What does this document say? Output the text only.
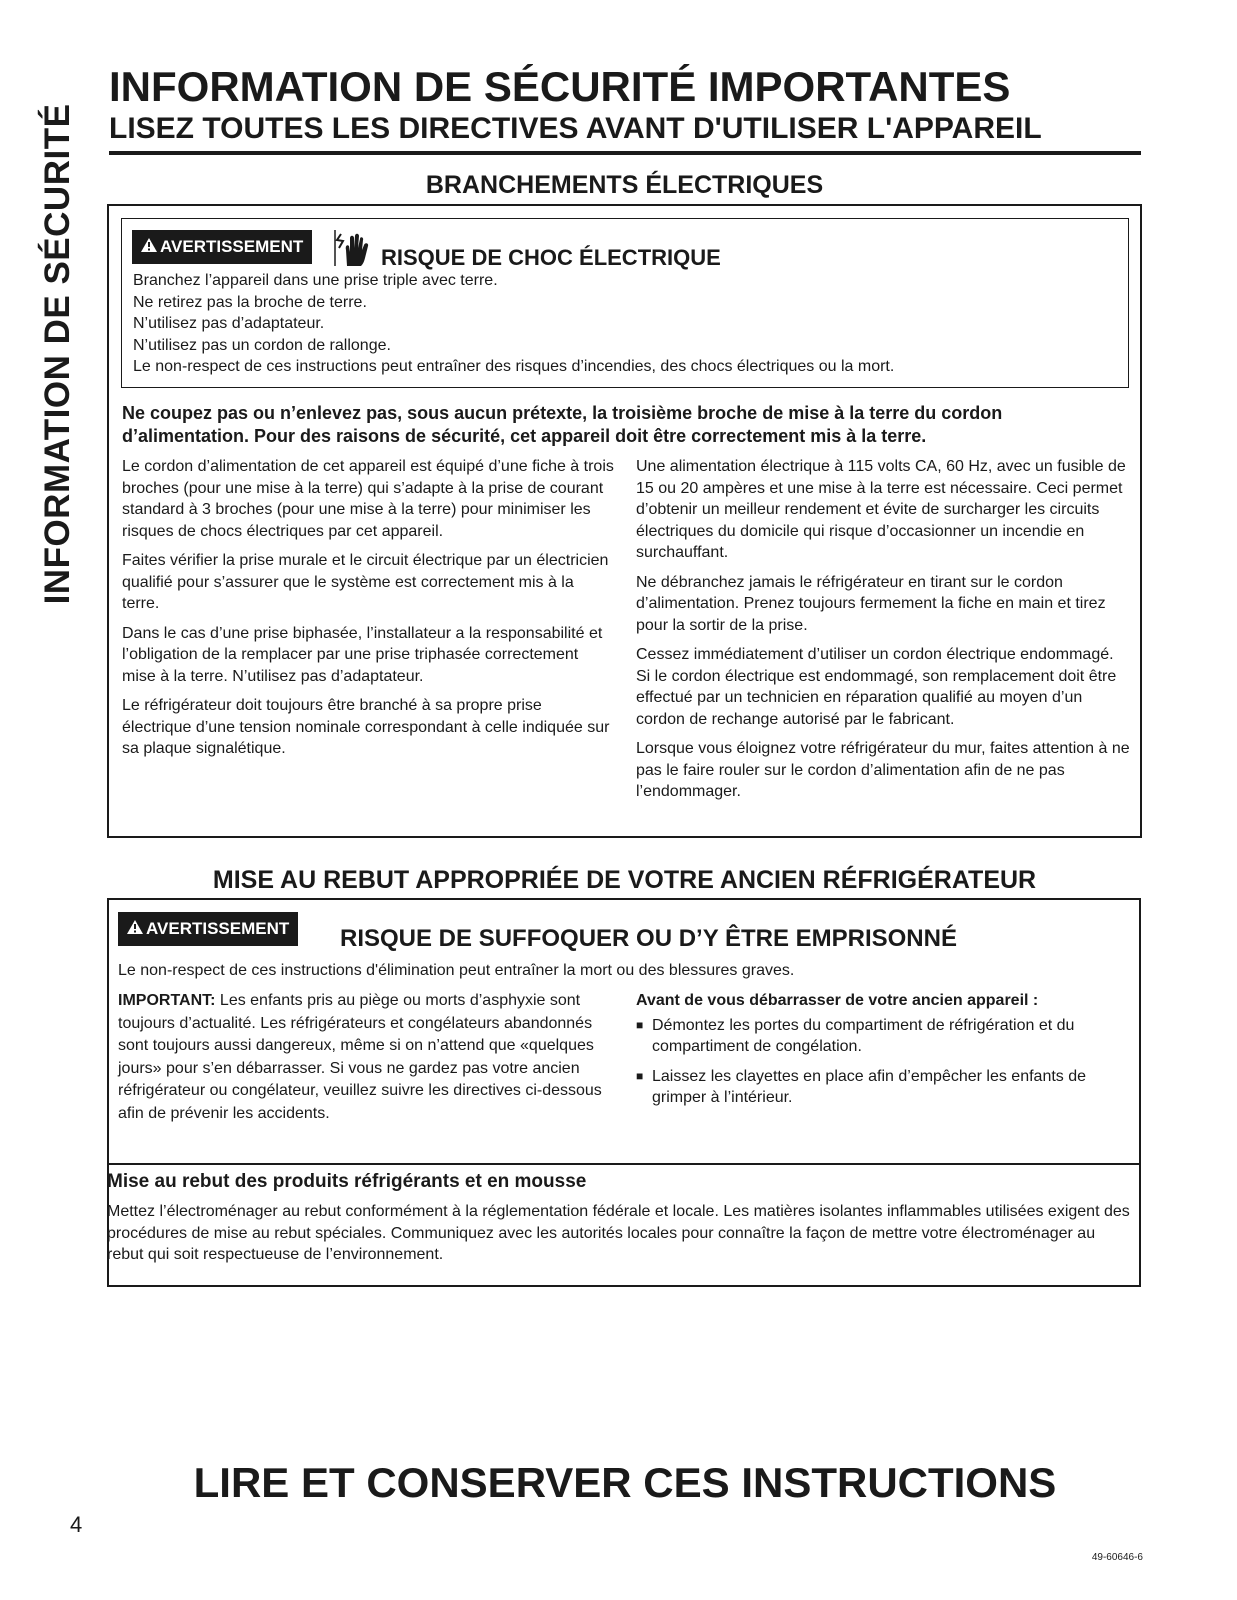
INFORMATION DE SÉCURITÉ
INFORMATION DE SÉCURITÉ IMPORTANTES
LISEZ TOUTES LES DIRECTIVES AVANT D'UTILISER L'APPAREIL
BRANCHEMENTS ÉLECTRIQUES
AVERTISSEMENT	RISQUE DE CHOC ÉLECTRIQUE
Branchez l’appareil dans une prise triple avec terre.
Ne retirez pas la broche de terre.
N’utilisez pas d’adaptateur.
N’utilisez pas un cordon de rallonge.
Le non-respect de ces instructions peut entraîner des risques d’incendies, des chocs électriques ou la mort.
Ne coupez pas ou n’enlevez pas, sous aucun prétexte, la troisième broche de mise à la terre du cordon d’alimentation. Pour des raisons de sécurité, cet appareil doit être correctement mis à la terre.

Le cordon d’alimentation de cet appareil est équipé d’une fiche à trois broches (pour une mise à la terre) qui s’adapte à la prise de courant standard à 3 broches (pour une mise à la terre) pour minimiser les risques de chocs électriques par cet appareil.

Faites vérifier la prise murale et le circuit électrique par un électricien qualifié pour s’assurer que le système est correctement mis à la terre.

Dans le cas d’une prise biphasée, l’installateur a la responsabilité et l’obligation de la remplacer par une prise triphasée correctement mise à la terre. N’utilisez pas d’adaptateur.

Le réfrigérateur doit toujours être branché à sa propre prise électrique d’une tension nominale correspondant à celle indiquée sur sa plaque signalétique.

Une alimentation électrique à 115 volts CA, 60 Hz, avec un fusible de 15 ou 20 ampères et une mise à la terre est nécessaire. Ceci permet d’obtenir un meilleur rendement et évite de surcharger les circuits électriques du domicile qui risque d’occasionner un incendie en surchauffant.

Ne débranchez jamais le réfrigérateur en tirant sur le cordon d’alimentation. Prenez toujours fermement la fiche en main et tirez pour la sortir de la prise.

Cessez immédiatement d’utiliser un cordon électrique endommagé. Si le cordon électrique est endommagé, son remplacement doit être effectué par un technicien en réparation qualifié au moyen d’un cordon de rechange autorisé par le fabricant.

Lorsque vous éloignez votre réfrigérateur du mur, faites attention à ne pas le faire rouler sur le cordon d’alimentation afin de ne pas l’endommager.

MISE AU REBUT APPROPRIÉE DE VOTRE ANCIEN RÉFRIGÉRATEUR
AVERTISSEMENT	RISQUE DE SUFFOQUER OU D’Y ÊTRE EMPRISONNÉ
Le non-respect de ces instructions d'élimination peut entraîner la mort ou des blessures graves.

IMPORTANT: Les enfants pris au piège ou morts d’asphyxie sont toujours d’actualité. Les réfrigérateurs et congélateurs abandonnés sont toujours aussi dangereux, même si on n’attend que «quelques jours» pour s’en débarrasser. Si vous ne gardez pas votre ancien réfrigérateur ou congélateur, veuillez suivre les directives ci-dessous afin de prévenir les accidents.

Avant de vous débarrasser de votre ancien appareil :

■ Démontez les portes du compartiment de réfrigération et du compartiment de congélation.
■ Laissez les clayettes en place afin d’empêcher les enfants de grimper à l’intérieur.
Mise au rebut des produits réfrigérants et en mousse

Mettez l’électroménager au rebut conformément à la réglementation fédérale et locale. Les matières isolantes inflammables utilisées exigent des procédures de mise au rebut spéciales. Communiquez avec les autorités locales pour connaître la façon de mettre votre électroménager au rebut qui soit respectueuse de l’environnement.

LIRE ET CONSERVER CES INSTRUCTIONS
4
49-60646-6
